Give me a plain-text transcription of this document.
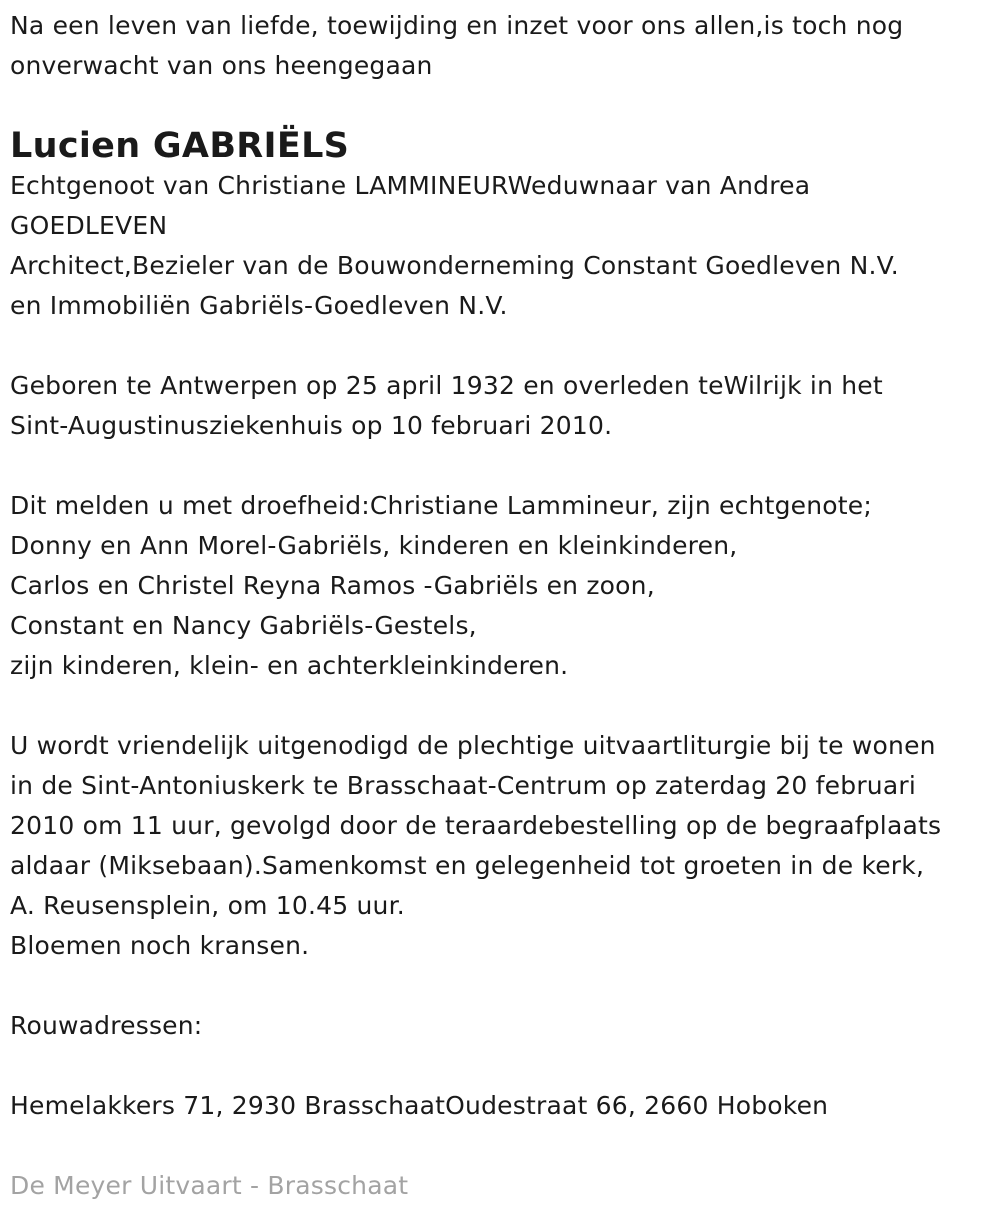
Na een leven van liefde, toewijding en inzet voor ons allen,is toch nog
onverwacht van ons heengegaan
Lucien GABRIËLS
Echtgenoot van Christiane LAMMINEURWeduwnaar van Andrea
GOEDLEVEN
Architect,Bezieler van de Bouwonderneming Constant Goedleven N.V.
en Immobiliën Gabriëls-Goedleven N.V.
Geboren te Antwerpen op 25 april 1932 en overleden teWilrijk in het
Sint-Augustinusziekenhuis op 10 februari 2010.
Dit melden u met droefheid:Christiane Lammineur, zijn echtgenote;
Donny en Ann Morel-Gabriëls, kinderen en kleinkinderen,
Carlos en Christel Reyna Ramos -Gabriëls en zoon,
Constant en Nancy Gabriëls-Gestels,
zijn kinderen, klein- en achterkleinkinderen.
U wordt vriendelijk uitgenodigd de plechtige uitvaartliturgie bij te wonen
in de Sint-Antoniuskerk te Brasschaat-Centrum op zaterdag 20 februari
2010 om 11 uur, gevolgd door de teraardebestelling op de begraafplaats
aldaar (Miksebaan).Samenkomst en gelegenheid tot groeten in de kerk,
A. Reusensplein, om 10.45 uur.
Bloemen noch kransen.
Rouwadressen:
Hemelakkers 71, 2930 BrasschaatOudestraat 66, 2660 Hoboken
De Meyer Uitvaart - Brasschaat
